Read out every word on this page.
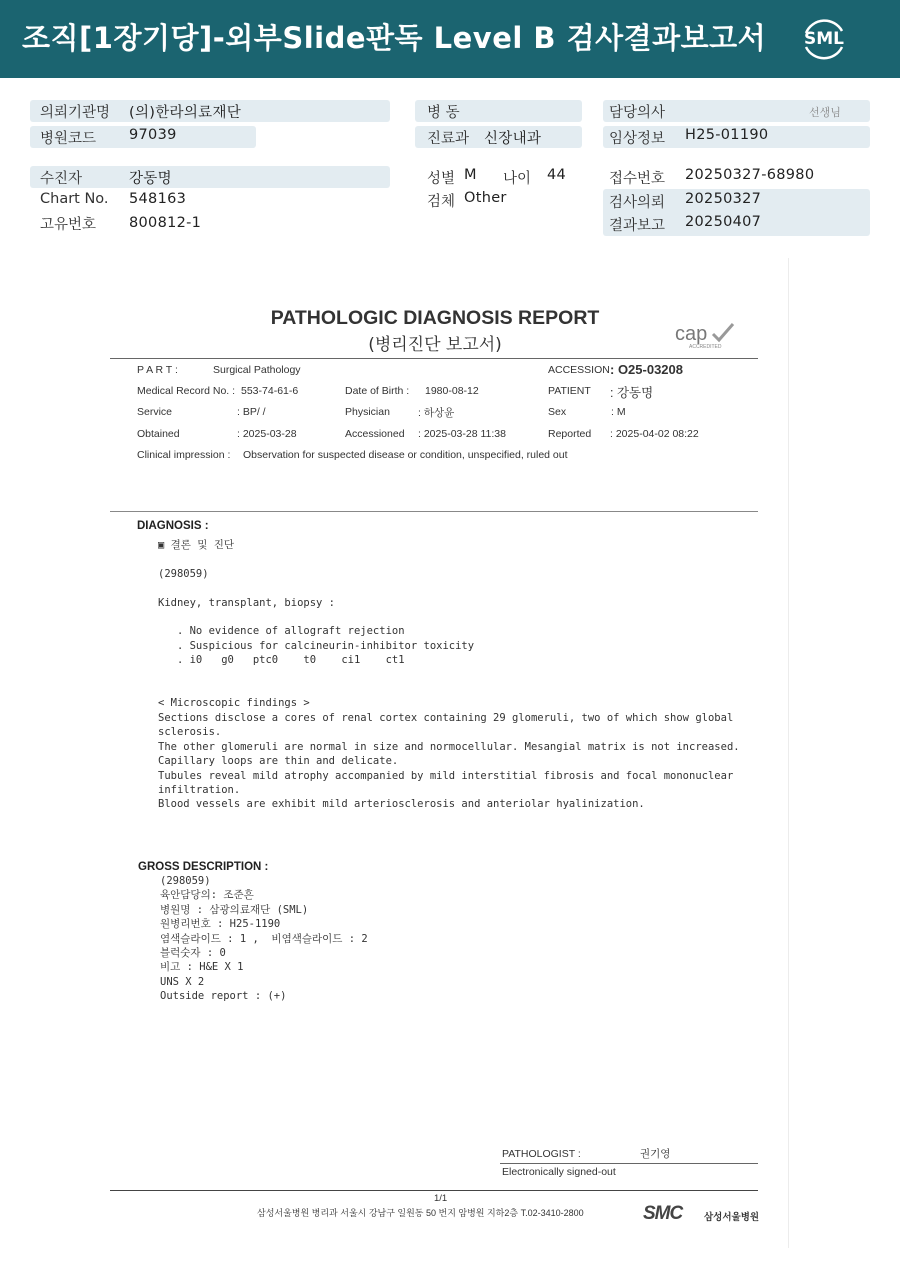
조직[1장기당]-외부Slide판독 Level B 검사결과보고서	SML
의뢰기관명 (의)한라의료재단
병원코드 97039
병 동
진료과 신장내과
담당의사	선생님
임상정보 H25-01190
수진자	강동명
Chart No. 548163
고유번호 800812-1
성별 M 나이 44
검체 Other
접수번호 20250327-68980
검사의뢰 20250327
결과보고 20250407
PATHOLOGIC DIAGNOSIS REPORT
(병리진단 보고서)	cap
ACCREDITED
P A R T :	Surgical Pathology	ACCESSION : O25-03208
Medical Record No. : 553-74-61-6	Date of Birth : 1980-08-12	PATIENT : 강동명
Service	: BP/ /	Physician	: 하상윤	Sex	: M
Obtained	: 2025-03-28	Accessioned : 2025-03-28 11:38	Reported : 2025-04-02 08:22
Clinical impression : Observation for suspected disease or condition, unspecified, ruled out
DIAGNOSIS :
▣ 결론 및 진단

(298059)

Kidney, transplant, biopsy :

. No evidence of allograft rejection
. Suspicious for calcineurin-inhibitor toxicity
. i0   g0   ptc0    t0    ci1    ct1

< Microscopic findings >
Sections disclose a cores of renal cortex containing 29 glomeruli, two of which show global
sclerosis.
The other glomeruli are normal in size and normocellular. Mesangial matrix is not increased.
Capillary loops are thin and delicate.
Tubules reveal mild atrophy accompanied by mild interstitial fibrosis and focal mononuclear
infiltration.
Blood vessels are exhibit mild arteriosclerosis and anteriolar hyalinization.
GROSS DESCRIPTION :
(298059)
육안담당의: 조준흔
병원명 : 삼광의료재단 (SML)
원병리번호 : H25-1190
염색슬라이드 : 1 ,  비염색슬라이드 : 2
블럭숫자 : 0
비고 : H&E X 1
UNS X 2
Outside report : (+)
PATHOLOGIST :	권기영
Electronically signed-out
1/1
삼성서울병원 병리과 서울시 강남구 일원동 50 번지 암병원 지하2층 T.02-3410-2800	SMC 삼성서울병원
